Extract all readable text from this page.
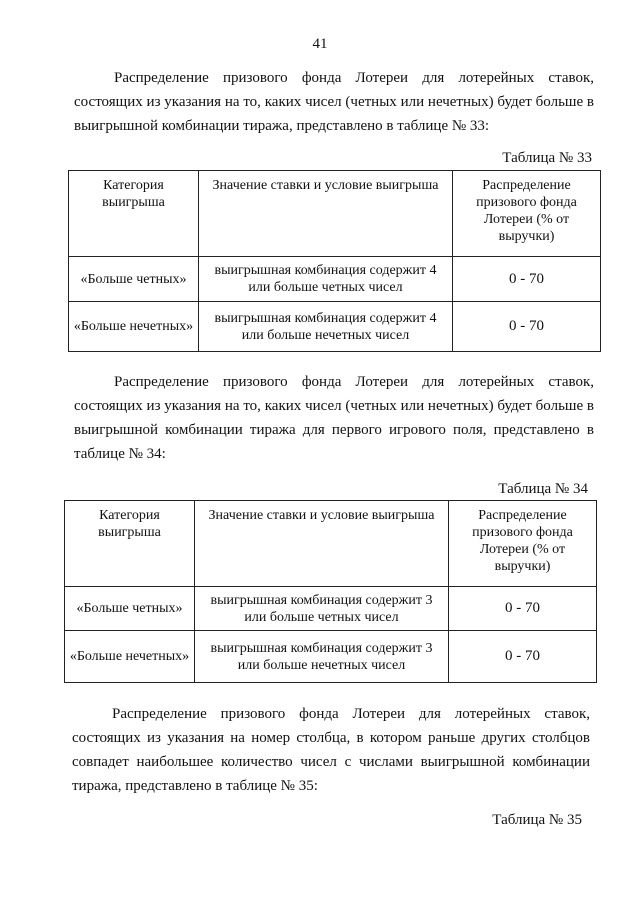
41

Распределение призового фонда Лотереи для лотерейных ставок, состоящих из указания на то, каких чисел (четных или нечетных) будет больше в выигрышной комбинации тиража, представлено в таблице № 33:

Таблица № 33
Категория выигрыша	Значение ставки и условие выигрыша	Распределение призового фонда Лотереи (% от выручки)
«Больше четных»	выигрышная комбинация содержит 4 или больше четных чисел	0 - 70
«Больше нечетных»	выигрышная комбинация содержит 4 или больше нечетных чисел	0 - 70

Распределение призового фонда Лотереи для лотерейных ставок, состоящих из указания на то, каких чисел (четных или нечетных) будет больше в выигрышной комбинации тиража для первого игрового поля, представлено в таблице № 34:

Таблица № 34
Категория выигрыша	Значение ставки и условие выигрыша	Распределение призового фонда Лотереи (% от выручки)
«Больше четных»	выигрышная комбинация содержит 3 или больше четных чисел	0 - 70
«Больше нечетных»	выигрышная комбинация содержит 3 или больше нечетных чисел	0 - 70

Распределение призового фонда Лотереи для лотерейных ставок, состоящих из указания на номер столбца, в котором раньше других столбцов совпадет наибольшее количество чисел с числами выигрышной комбинации тиража, представлено в таблице № 35:

Таблица № 35
